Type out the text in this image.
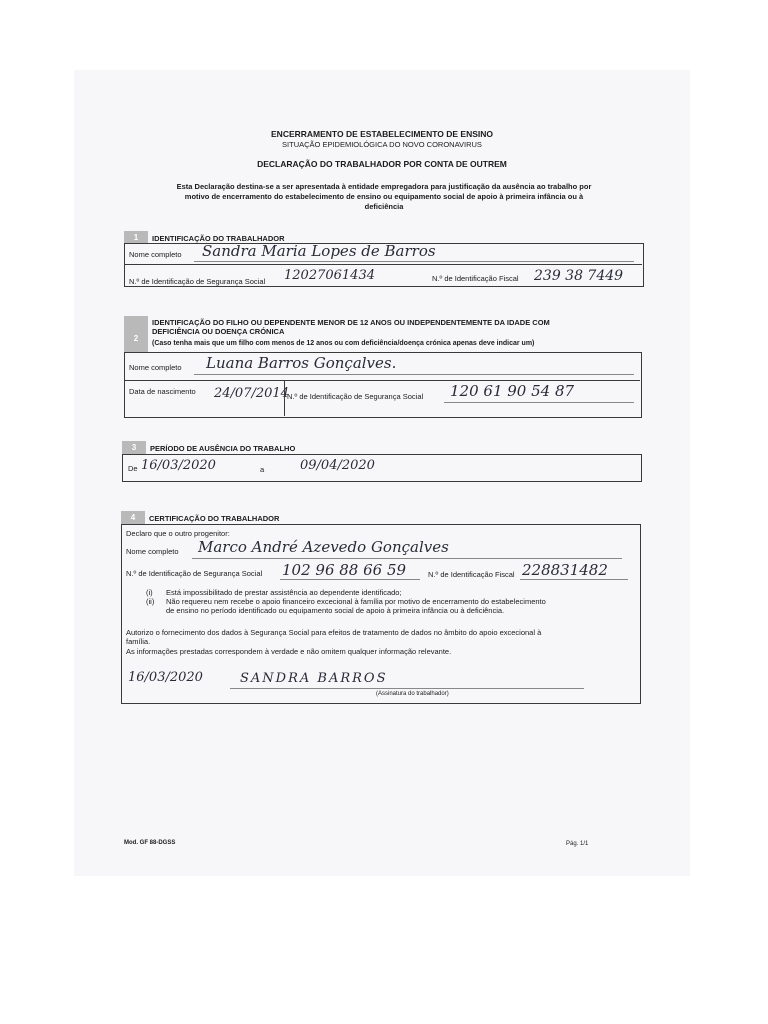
ENCERRAMENTO DE ESTABELECIMENTO DE ENSINO
SITUAÇÃO EPIDEMIOLÓGICA DO NOVO CORONAVIRUS
DECLARAÇÃO DO TRABALHADOR POR CONTA DE OUTREM
Esta Declaração destina-se a ser apresentada à entidade empregadora para justificação da ausência ao trabalho por
motivo de encerramento do estabelecimento de ensino ou equipamento social de apoio à primeira infância ou à
deficiência
1	IDENTIFICAÇÃO DO TRABALHADOR
Nome completo Sandra Maria Lopes de Barros
N.º de Identificação de Segurança Social 12027061434	N.º de Identificação Fiscal 239 38 7449
2
IDENTIFICAÇÃO DO FILHO OU DEPENDENTE MENOR DE 12 ANOS OU INDEPENDENTEMENTE DA IDADE COM
DEFICIÊNCIA OU DOENÇA CRÓNICA
(Caso tenha mais que um filho com menos de 12 anos ou com deficiência/doença crónica apenas deve indicar um)
Nome completo Luana Barros Gonçalves.
Data de nascimento 24/07/2014
N.º de Identificação de Segurança Social 120 61 90 54 87
3	PERÍODO DE AUSÊNCIA DO TRABALHO
De 16/03/2020	a	09/04/2020
4	CERTIFICAÇÃO DO TRABALHADOR
Declaro que o outro progenitor:
Nome completo Marco André Azevedo Gonçalves
N.º de Identificação de Segurança Social 102 96 88 66 59	N.º de Identificação Fiscal 228831482
(i) Está impossibilitado de prestar assistência ao dependente identificado;
(ii) Não requereu nem recebe o apoio financeiro excecional à família por motivo de encerramento do estabelecimento
de ensino no período identificado ou equipamento social de apoio à primeira infância ou à deficiência.
Autorizo o fornecimento dos dados à Segurança Social para efeitos de tratamento de dados no âmbito do apoio excecional à
família.
As informações prestadas correspondem à verdade e não omitem qualquer informação relevante.
16/03/2020	SANDRA BARROS
(Assinatura do trabalhador)
Mod. GF 88-DGSS	Pág. 1/1
